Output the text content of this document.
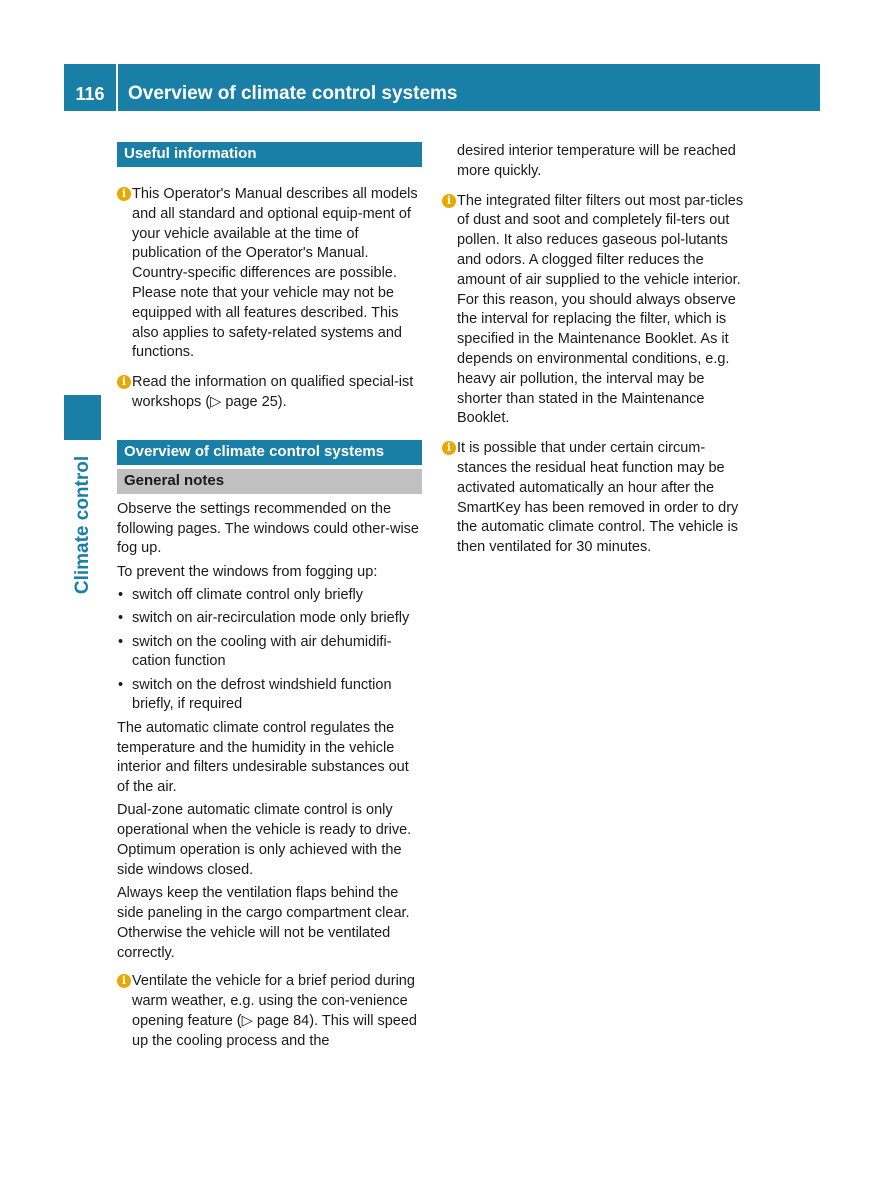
116	Overview of climate control systems
Climate control
Useful information
i This Operator's Manual describes all models and all standard and optional equip-ment of your vehicle available at the time of publication of the Operator's Manual. Country-specific differences are possible. Please note that your vehicle may not be equipped with all features described. This also applies to safety-related systems and functions.

i Read the information on qualified special-ist workshops (▷ page 25).

Overview of climate control systems
General notes

Observe the settings recommended on the following pages. The windows could other-wise fog up.

To prevent the windows from fogging up:

• switch off climate control only briefly
• switch on air-recirculation mode only briefly
• switch on the cooling with air dehumidifi-cation function
• switch on the defrost windshield function briefly, if required

The automatic climate control regulates the temperature and the humidity in the vehicle interior and filters undesirable substances out of the air.

Dual-zone automatic climate control is only operational when the vehicle is ready to drive. Optimum operation is only achieved with the side windows closed.

Always keep the ventilation flaps behind the side paneling in the cargo compartment clear. Otherwise the vehicle will not be ventilated correctly.

i Ventilate the vehicle for a brief period during warm weather, e.g. using the con-venience opening feature (▷ page 84). This will speed up the cooling process and the

desired interior temperature will be reached more quickly.

i The integrated filter filters out most par-ticles of dust and soot and completely fil-ters out pollen. It also reduces gaseous pol-lutants and odors. A clogged filter reduces the amount of air supplied to the vehicle interior. For this reason, you should always observe the interval for replacing the filter, which is specified in the Maintenance Booklet. As it depends on environmental conditions, e.g. heavy air pollution, the interval may be shorter than stated in the Maintenance Booklet.

i It is possible that under certain circum-stances the residual heat function may be activated automatically an hour after the SmartKey has been removed in order to dry the automatic climate control. The vehicle is then ventilated for 30 minutes.
